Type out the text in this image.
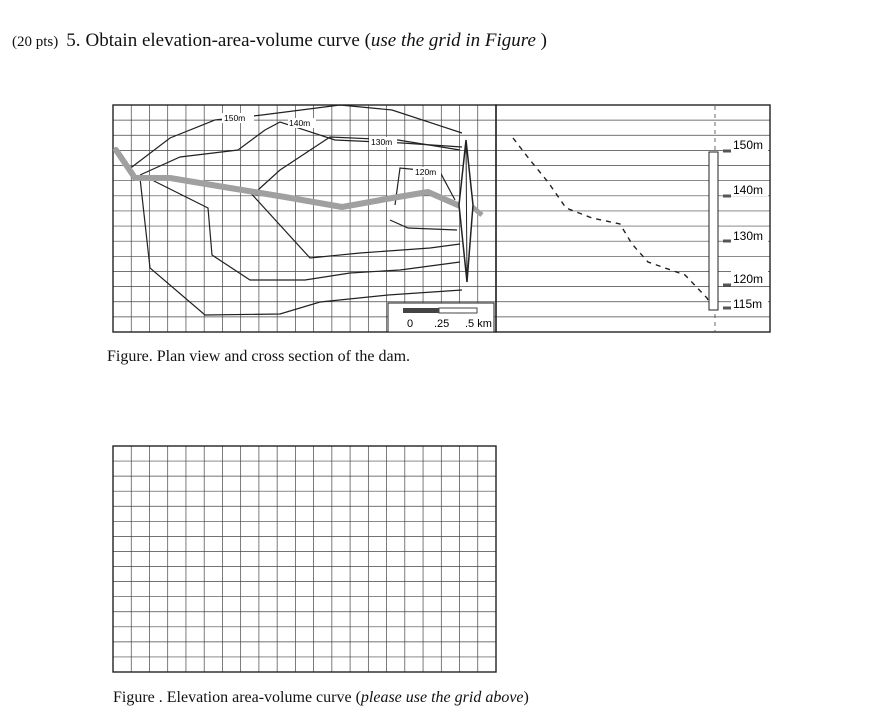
(20 pts) 5. Obtain elevation-area-volume curve (use the grid in Figure )
150m	140m
130m
120m
0 .25 .5 km
150m
140m
130m
120m
115m
Figure. Plan view and cross section of the dam.
Figure . Elevation area-volume curve (please use the grid above)
